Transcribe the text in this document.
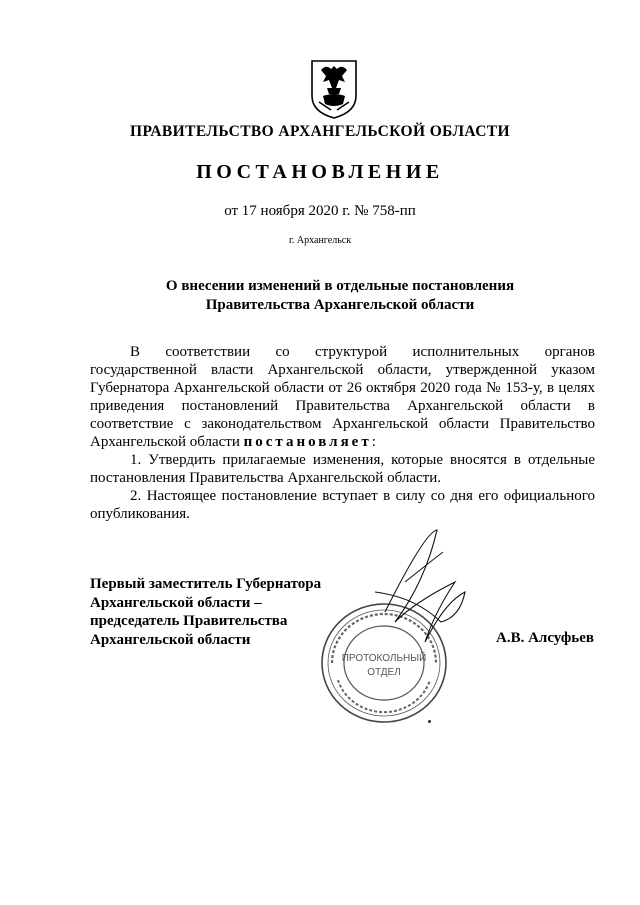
ПРАВИТЕЛЬСТВО АРХАНГЕЛЬСКОЙ ОБЛАСТИ
ПОСТАНОВЛЕНИЕ
от 17 ноября 2020 г. № 758-пп
г. Архангельск
О внесении изменений в отдельные постановления
Правительства Архангельской области

В соответствии со структурой исполнительных органов государственной власти Архангельской области, утвержденной указом Губернатора Архангельской области от 26 октября 2020 года № 153-у, в целях приведения постановлений Правительства Архангельской области в соответствие с законодательством Архангельской области Правительство Архангельской области постановляет:

1. Утвердить прилагаемые изменения, которые вносятся в отдельные постановления Правительства Архангельской области.

2. Настоящее постановление вступает в силу со дня его официального опубликования.

Первый заместитель Губернатора
Архангельской области –
председатель Правительства
Архангельской области
ПРОТОКОЛЬНЫЙ
ОТДЕЛ
А.В. Алсуфьев
